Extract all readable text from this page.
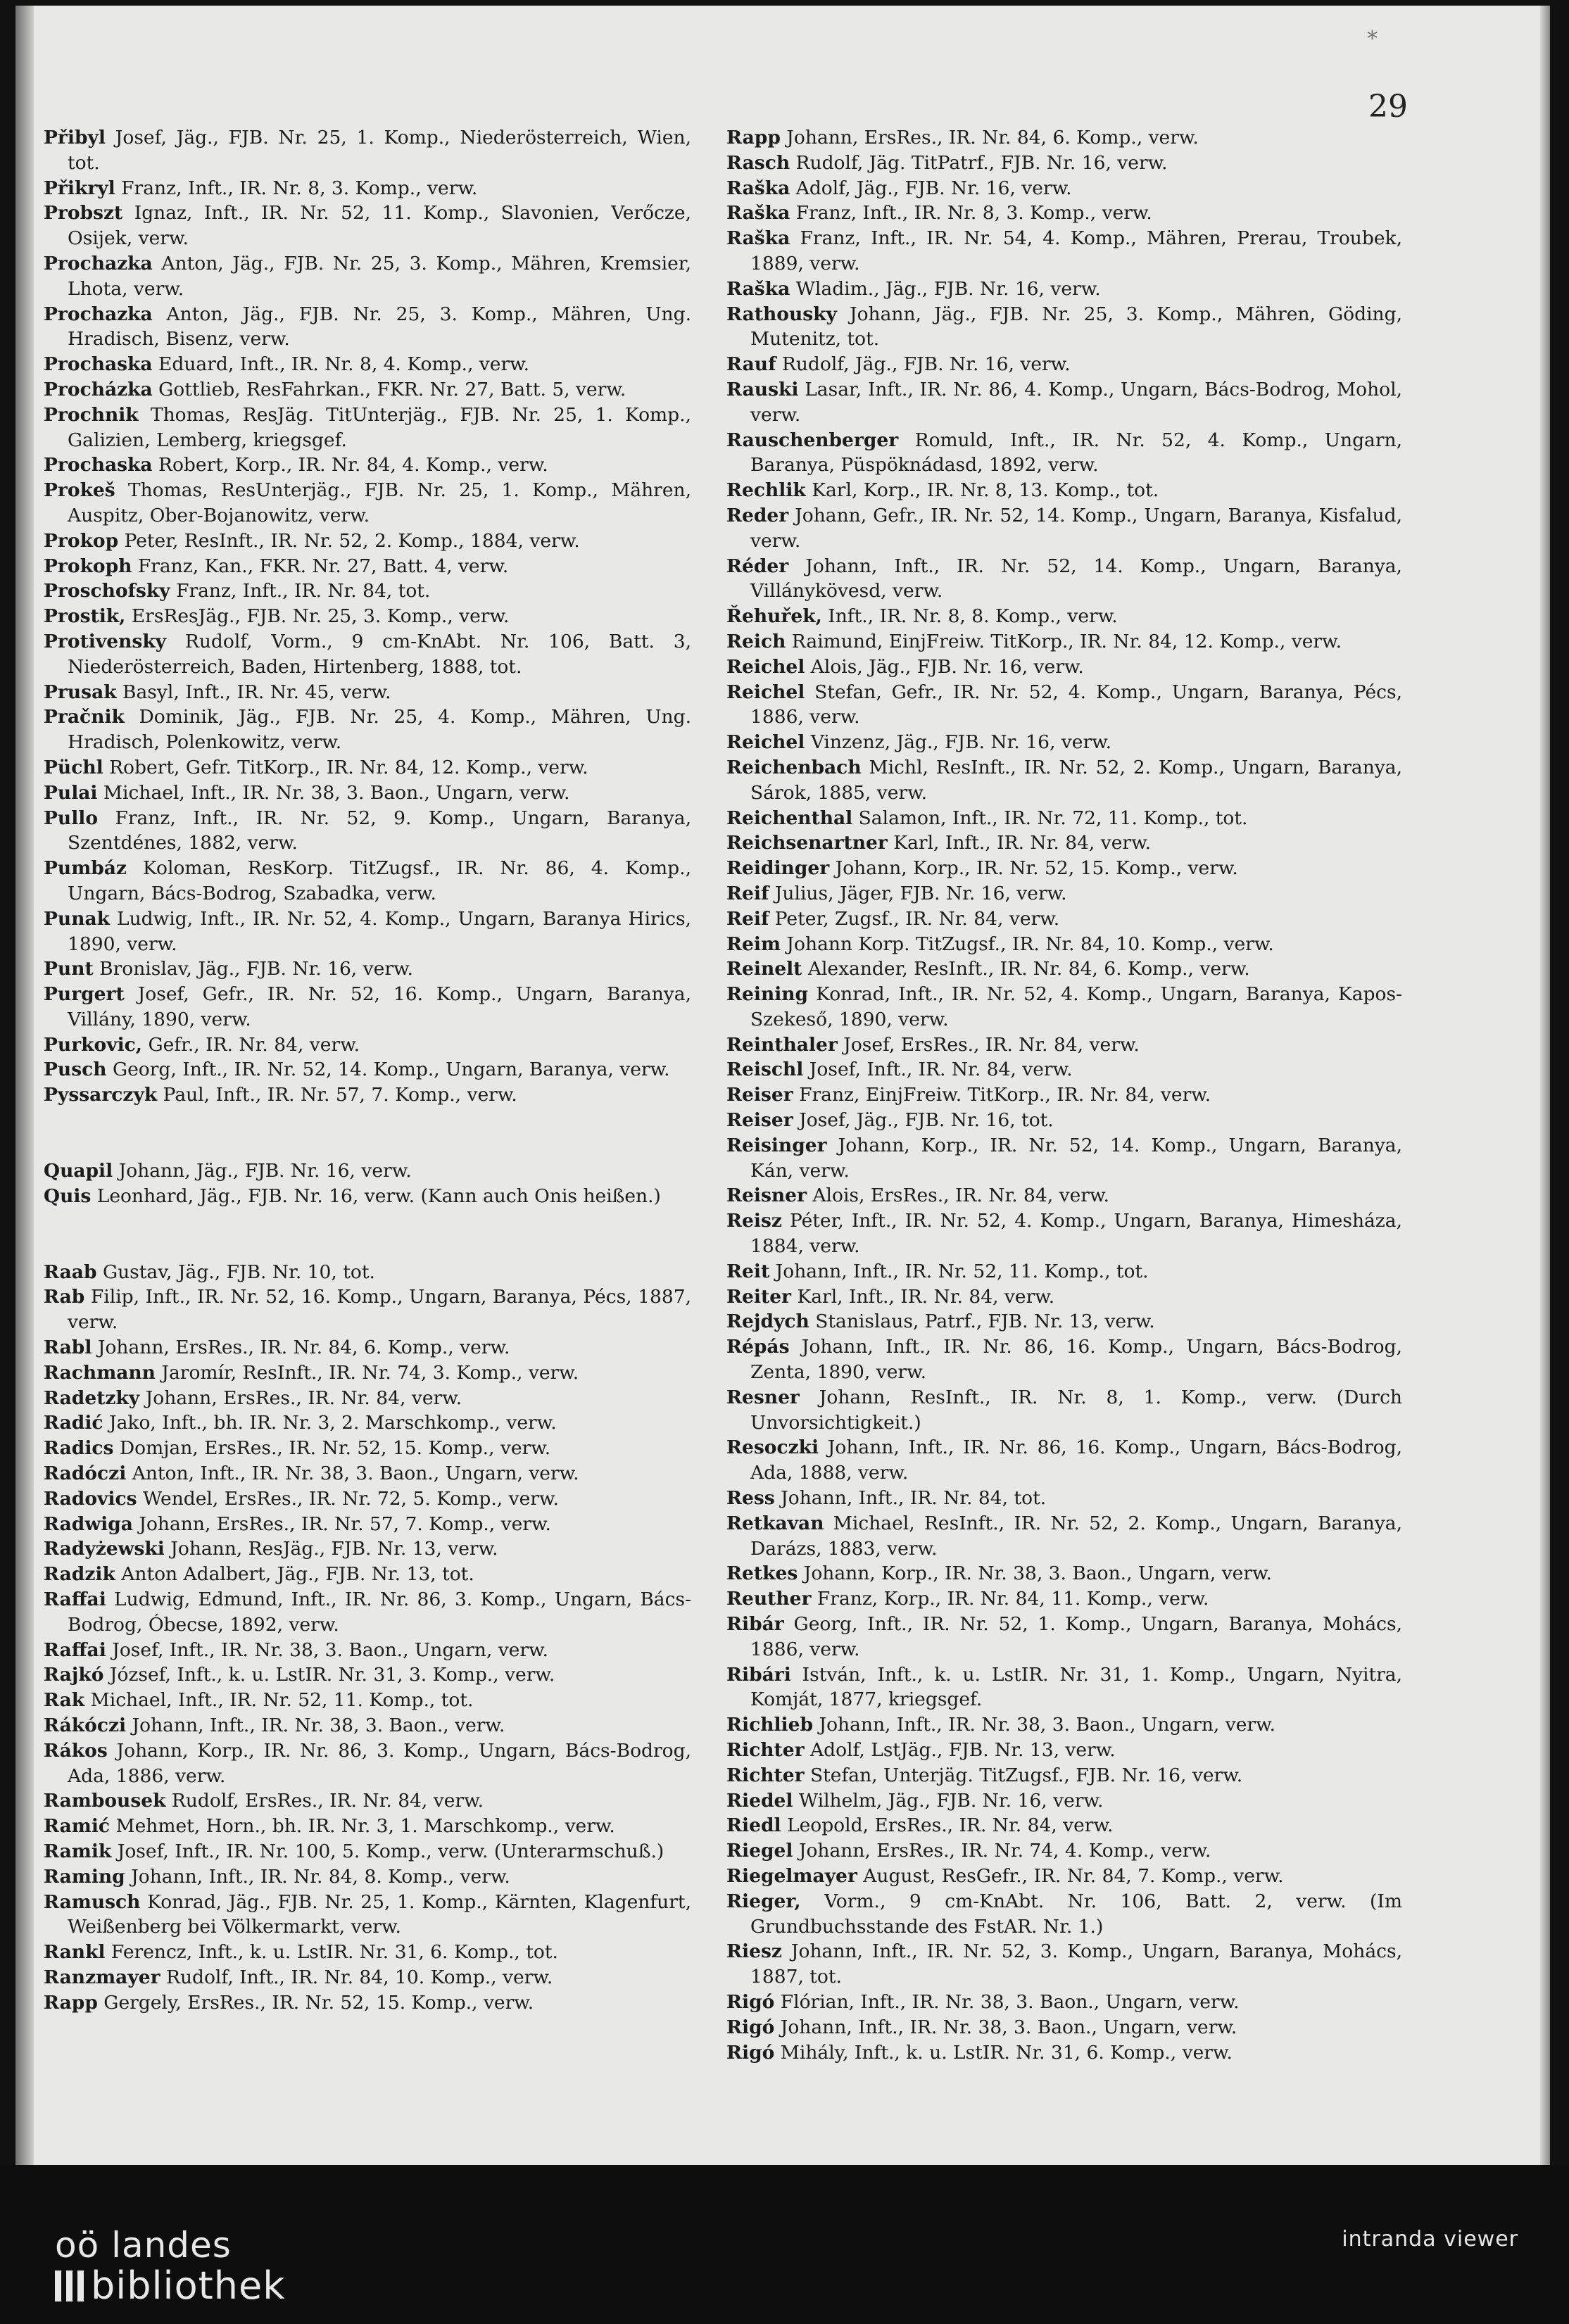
*
29
Přibyl Josef, Jäg., FJB. Nr. 25, 1. Komp., Niederösterreich, Wien, tot.
Přikryl Franz, Inft., IR. Nr. 8, 3. Komp., verw.
Probszt Ignaz, Inft., IR. Nr. 52, 11. Komp., Slavonien, Verőcze, Osijek, verw.
Prochazka Anton, Jäg., FJB. Nr. 25, 3. Komp., Mähren, Kremsier, Lhota, verw.
Prochazka Anton, Jäg., FJB. Nr. 25, 3. Komp., Mähren, Ung. Hradisch, Bisenz, verw.
Prochaska Eduard, Inft., IR. Nr. 8, 4. Komp., verw.
Procházka Gottlieb, ResFahrkan., FKR. Nr. 27, Batt. 5, verw.
Prochnik Thomas, ResJäg. TitUnterjäg., FJB. Nr. 25, 1. Komp., Galizien, Lemberg, kriegsgef.
Prochaska Robert, Korp., IR. Nr. 84, 4. Komp., verw.
Prokeš Thomas, ResUnterjäg., FJB. Nr. 25, 1. Komp., Mähren, Auspitz, Ober-Bojanowitz, verw.
Prokop Peter, ResInft., IR. Nr. 52, 2. Komp., 1884, verw.
Prokoph Franz, Kan., FKR. Nr. 27, Batt. 4, verw.
Proschofsky Franz, Inft., IR. Nr. 84, tot.
Prostik, ErsResJäg., FJB. Nr. 25, 3. Komp., verw.
Protivensky Rudolf, Vorm., 9 cm-KnAbt. Nr. 106, Batt. 3, Niederösterreich, Baden, Hirtenberg, 1888, tot.
Prusak Basyl, Inft., IR. Nr. 45, verw.
Pračnik Dominik, Jäg., FJB. Nr. 25, 4. Komp., Mähren, Ung. Hradisch, Polenkowitz, verw.
Püchl Robert, Gefr. TitKorp., IR. Nr. 84, 12. Komp., verw.
Pulai Michael, Inft., IR. Nr. 38, 3. Baon., Ungarn, verw.
Pullo Franz, Inft., IR. Nr. 52, 9. Komp., Ungarn, Baranya, Szentdénes, 1882, verw.
Pumbáz Koloman, ResKorp. TitZugsf., IR. Nr. 86, 4. Komp., Ungarn, Bács-Bodrog, Szabadka, verw.
Punak Ludwig, Inft., IR. Nr. 52, 4. Komp., Ungarn, Baranya Hirics, 1890, verw.
Punt Bronislav, Jäg., FJB. Nr. 16, verw.
Purgert Josef, Gefr., IR. Nr. 52, 16. Komp., Ungarn, Baranya, Villány, 1890, verw.
Purkovic, Gefr., IR. Nr. 84, verw.
Pusch Georg, Inft., IR. Nr. 52, 14. Komp., Ungarn, Baranya, verw.
Pyssarczyk Paul, Inft., IR. Nr. 57, 7. Komp., verw.
Quapil Johann, Jäg., FJB. Nr. 16, verw.
Quis Leonhard, Jäg., FJB. Nr. 16, verw. (Kann auch Onis heißen.)
Raab Gustav, Jäg., FJB. Nr. 10, tot.
Rab Filip, Inft., IR. Nr. 52, 16. Komp., Ungarn, Baranya, Pécs, 1887, verw.
Rabl Johann, ErsRes., IR. Nr. 84, 6. Komp., verw.
Rachmann Jaromír, ResInft., IR. Nr. 74, 3. Komp., verw.
Radetzky Johann, ErsRes., IR. Nr. 84, verw.
Radić Jako, Inft., bh. IR. Nr. 3, 2. Marschkomp., verw.
Radics Domjan, ErsRes., IR. Nr. 52, 15. Komp., verw.
Radóczi Anton, Inft., IR. Nr. 38, 3. Baon., Ungarn, verw.
Radovics Wendel, ErsRes., IR. Nr. 72, 5. Komp., verw.
Radwiga Johann, ErsRes., IR. Nr. 57, 7. Komp., verw.
Radyżewski Johann, ResJäg., FJB. Nr. 13, verw.
Radzik Anton Adalbert, Jäg., FJB. Nr. 13, tot.
Raffai Ludwig, Edmund, Inft., IR. Nr. 86, 3. Komp., Ungarn, Bács-Bodrog, Óbecse, 1892, verw.
Raffai Josef, Inft., IR. Nr. 38, 3. Baon., Ungarn, verw.
Rajkó József, Inft., k. u. LstIR. Nr. 31, 3. Komp., verw.
Rak Michael, Inft., IR. Nr. 52, 11. Komp., tot.
Rákóczi Johann, Inft., IR. Nr. 38, 3. Baon., verw.
Rákos Johann, Korp., IR. Nr. 86, 3. Komp., Ungarn, Bács-Bodrog, Ada, 1886, verw.
Rambousek Rudolf, ErsRes., IR. Nr. 84, verw.
Ramić Mehmet, Horn., bh. IR. Nr. 3, 1. Marschkomp., verw.
Ramik Josef, Inft., IR. Nr. 100, 5. Komp., verw. (Unterarmschuß.)
Raming Johann, Inft., IR. Nr. 84, 8. Komp., verw.
Ramusch Konrad, Jäg., FJB. Nr. 25, 1. Komp., Kärnten, Klagenfurt, Weißenberg bei Völkermarkt, verw.
Rankl Ferencz, Inft., k. u. LstIR. Nr. 31, 6. Komp., tot.
Ranzmayer Rudolf, Inft., IR. Nr. 84, 10. Komp., verw.
Rapp Gergely, ErsRes., IR. Nr. 52, 15. Komp., verw.
Rapp Johann, ErsRes., IR. Nr. 84, 6. Komp., verw.
Rasch Rudolf, Jäg. TitPatrf., FJB. Nr. 16, verw.
Raška Adolf, Jäg., FJB. Nr. 16, verw.
Raška Franz, Inft., IR. Nr. 8, 3. Komp., verw.
Raška Franz, Inft., IR. Nr. 54, 4. Komp., Mähren, Prerau, Troubek, 1889, verw.
Raška Wladim., Jäg., FJB. Nr. 16, verw.
Rathousky Johann, Jäg., FJB. Nr. 25, 3. Komp., Mähren, Göding, Mutenitz, tot.
Rauf Rudolf, Jäg., FJB. Nr. 16, verw.
Rauski Lasar, Inft., IR. Nr. 86, 4. Komp., Ungarn, Bács-Bodrog, Mohol, verw.
Rauschenberger Romuld, Inft., IR. Nr. 52, 4. Komp., Ungarn, Baranya, Püspöknádasd, 1892, verw.
Rechlik Karl, Korp., IR. Nr. 8, 13. Komp., tot.
Reder Johann, Gefr., IR. Nr. 52, 14. Komp., Ungarn, Baranya, Kisfalud, verw.
Réder Johann, Inft., IR. Nr. 52, 14. Komp., Ungarn, Baranya, Villánykövesd, verw.
Řehuřek, Inft., IR. Nr. 8, 8. Komp., verw.
Reich Raimund, EinjFreiw. TitKorp., IR. Nr. 84, 12. Komp., verw.
Reichel Alois, Jäg., FJB. Nr. 16, verw.
Reichel Stefan, Gefr., IR. Nr. 52, 4. Komp., Ungarn, Baranya, Pécs, 1886, verw.
Reichel Vinzenz, Jäg., FJB. Nr. 16, verw.
Reichenbach Michl, ResInft., IR. Nr. 52, 2. Komp., Ungarn, Baranya, Sárok, 1885, verw.
Reichenthal Salamon, Inft., IR. Nr. 72, 11. Komp., tot.
Reichsenartner Karl, Inft., IR. Nr. 84, verw.
Reidinger Johann, Korp., IR. Nr. 52, 15. Komp., verw.
Reif Julius, Jäger, FJB. Nr. 16, verw.
Reif Peter, Zugsf., IR. Nr. 84, verw.
Reim Johann Korp. TitZugsf., IR. Nr. 84, 10. Komp., verw.
Reinelt Alexander, ResInft., IR. Nr. 84, 6. Komp., verw.
Reining Konrad, Inft., IR. Nr. 52, 4. Komp., Ungarn, Baranya, Kapos-Szekeső, 1890, verw.
Reinthaler Josef, ErsRes., IR. Nr. 84, verw.
Reischl Josef, Inft., IR. Nr. 84, verw.
Reiser Franz, EinjFreiw. TitKorp., IR. Nr. 84, verw.
Reiser Josef, Jäg., FJB. Nr. 16, tot.
Reisinger Johann, Korp., IR. Nr. 52, 14. Komp., Ungarn, Baranya, Kán, verw.
Reisner Alois, ErsRes., IR. Nr. 84, verw.
Reisz Péter, Inft., IR. Nr. 52, 4. Komp., Ungarn, Baranya, Himesháza, 1884, verw.
Reit Johann, Inft., IR. Nr. 52, 11. Komp., tot.
Reiter Karl, Inft., IR. Nr. 84, verw.
Rejdych Stanislaus, Patrf., FJB. Nr. 13, verw.
Répás Johann, Inft., IR. Nr. 86, 16. Komp., Ungarn, Bács-Bodrog, Zenta, 1890, verw.
Resner Johann, ResInft., IR. Nr. 8, 1. Komp., verw. (Durch Unvorsichtigkeit.)
Resoczki Johann, Inft., IR. Nr. 86, 16. Komp., Ungarn, Bács-Bodrog, Ada, 1888, verw.
Ress Johann, Inft., IR. Nr. 84, tot.
Retkavan Michael, ResInft., IR. Nr. 52, 2. Komp., Ungarn, Baranya, Darázs, 1883, verw.
Retkes Johann, Korp., IR. Nr. 38, 3. Baon., Ungarn, verw.
Reuther Franz, Korp., IR. Nr. 84, 11. Komp., verw.
Ribár Georg, Inft., IR. Nr. 52, 1. Komp., Ungarn, Baranya, Mohács, 1886, verw.
Ribári István, Inft., k. u. LstIR. Nr. 31, 1. Komp., Ungarn, Nyitra, Komját, 1877, kriegsgef.
Richlieb Johann, Inft., IR. Nr. 38, 3. Baon., Ungarn, verw.
Richter Adolf, LstJäg., FJB. Nr. 13, verw.
Richter Stefan, Unterjäg. TitZugsf., FJB. Nr. 16, verw.
Riedel Wilhelm, Jäg., FJB. Nr. 16, verw.
Riedl Leopold, ErsRes., IR. Nr. 84, verw.
Riegel Johann, ErsRes., IR. Nr. 74, 4. Komp., verw.
Riegelmayer August, ResGefr., IR. Nr. 84, 7. Komp., verw.
Rieger, Vorm., 9 cm-KnAbt. Nr. 106, Batt. 2, verw. (Im Grundbuchsstande des FstAR. Nr. 1.)
Riesz Johann, Inft., IR. Nr. 52, 3. Komp., Ungarn, Baranya, Mohács, 1887, tot.
Rigó Flórian, Inft., IR. Nr. 38, 3. Baon., Ungarn, verw.
Rigó Johann, Inft., IR. Nr. 38, 3. Baon., Ungarn, verw.
Rigó Mihály, Inft., k. u. LstIR. Nr. 31, 6. Komp., verw.
oö landes
bibliothek
intranda viewer
